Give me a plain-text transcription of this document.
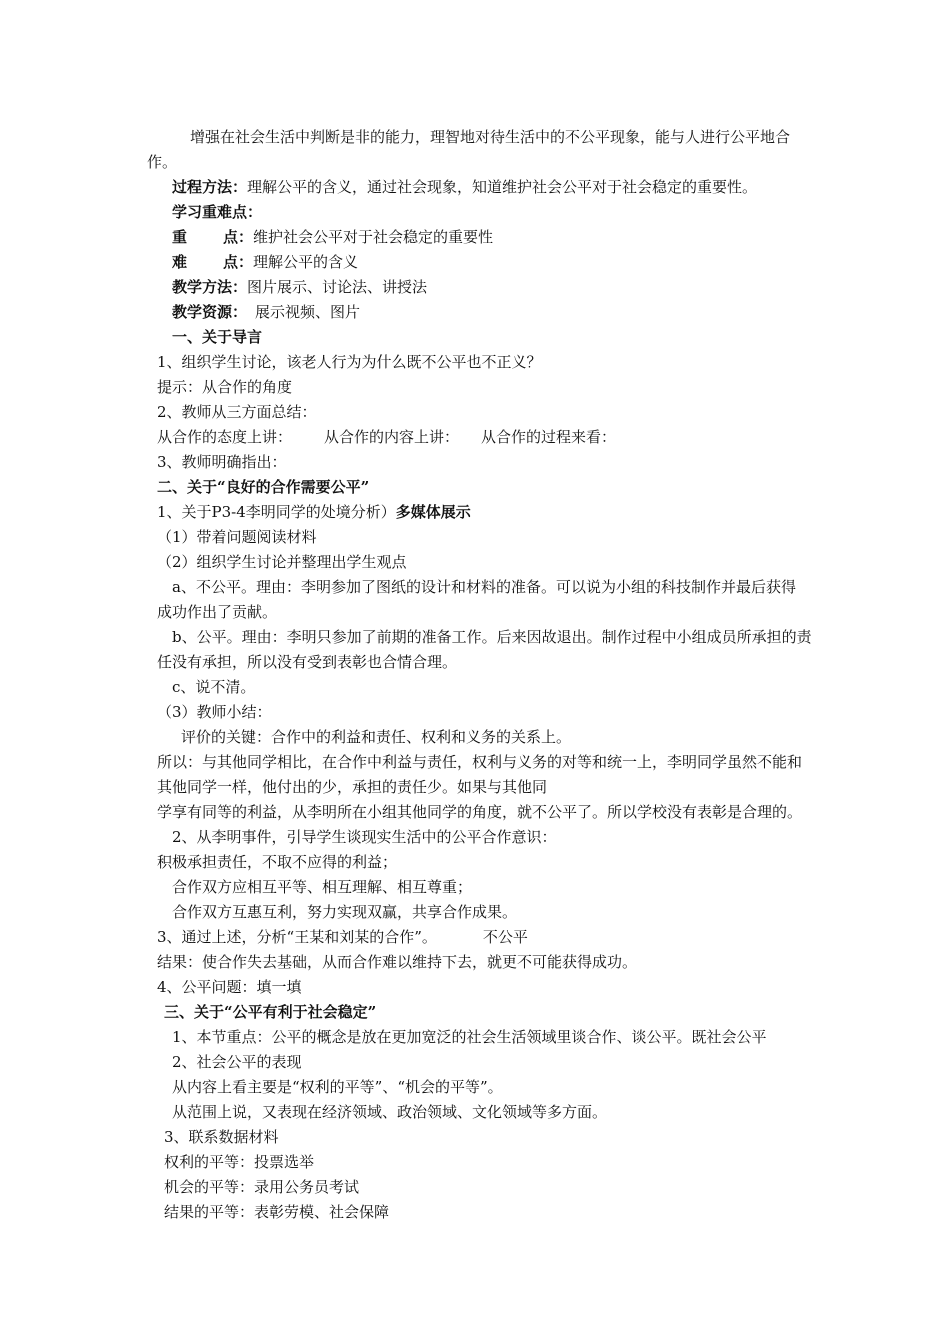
增强在社会生活中判断是非的能力，理智地对待生活中的不公平现象，能与人进行公平地合
作。
过程方法：理解公平的含义，通过社会现象，知道维护社会公平对于社会稳定的重要性。
学习重难点：
重 点：维护社会公平对于社会稳定的重要性
难 点：理解公平的含义
教学方法：图片展示、讨论法、讲授法
教学资源： 展示视频、图片
一、关于导言
1、组织学生讨论，该老人行为为什么既不公平也不正义？
提示：从合作的角度
2、教师从三方面总结：
从合作的态度上讲： 从合作的内容上讲： 从合作的过程来看：
3、教师明确指出：
二、关于“良好的合作需要公平”
1、关于P3-4李明同学的处境分析）多媒体展示
（1）带着问题阅读材料
（2）组织学生讨论并整理出学生观点
a、不公平。理由：李明参加了图纸的设计和材料的准备。可以说为小组的科技制作并最后获得
成功作出了贡献。
b、公平。理由：李明只参加了前期的准备工作。后来因故退出。制作过程中小组成员所承担的责
任没有承担，所以没有受到表彰也合情合理。
c、说不清。
（3）教师小结：
评价的关键：合作中的利益和责任、权利和义务的关系上。
所以：与其他同学相比，在合作中利益与责任，权利与义务的对等和统一上，李明同学虽然不能和
其他同学一样，他付出的少，承担的责任少。如果与其他同
学享有同等的利益，从李明所在小组其他同学的角度，就不公平了。所以学校没有表彰是合理的。
2、从李明事件，引导学生谈现实生活中的公平合作意识：
积极承担责任，不取不应得的利益；
合作双方应相互平等、相互理解、相互尊重；
合作双方互惠互利，努力实现双赢，共享合作成果。
3、通过上述，分析“王某和刘某的合作”。	不公平
结果：使合作失去基础，从而合作难以维持下去，就更不可能获得成功。
4、公平问题：填一填
三、关于“公平有利于社会稳定”
1、本节重点：公平的概念是放在更加宽泛的社会生活领域里谈合作、谈公平。既社会公平
2、社会公平的表现
从内容上看主要是“权利的平等”、“机会的平等”。
从范围上说，又表现在经济领域、政治领域、文化领域等多方面。
3、联系数据材料
权利的平等：投票选举
机会的平等：录用公务员考试
结果的平等：表彰劳模、社会保障
